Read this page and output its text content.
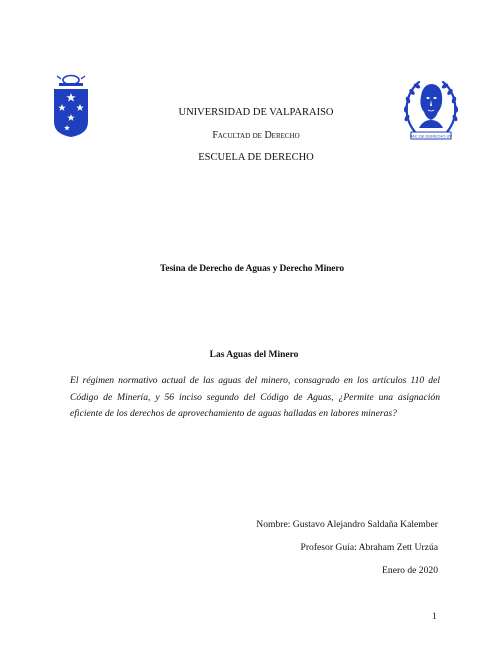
FAC DE DERECHO UV
UNIVERSIDAD DE VALPARAISO
Facultad de Derecho
ESCUELA DE DERECHO
Tesina de Derecho de Aguas y Derecho Minero
Las Aguas del Minero
El régimen normativo actual de las aguas del minero, consagrado en los artículos 110 del Código de Minería, y 56 inciso segundo del Código de Aguas, ¿Permite una asignación eficiente de los derechos de aprovechamiento de aguas halladas en labores mineras?
Nombre: Gustavo Alejandro Saldaña Kalember
Profesor Guía: Abraham Zett Urzúa
Enero de 2020
1
